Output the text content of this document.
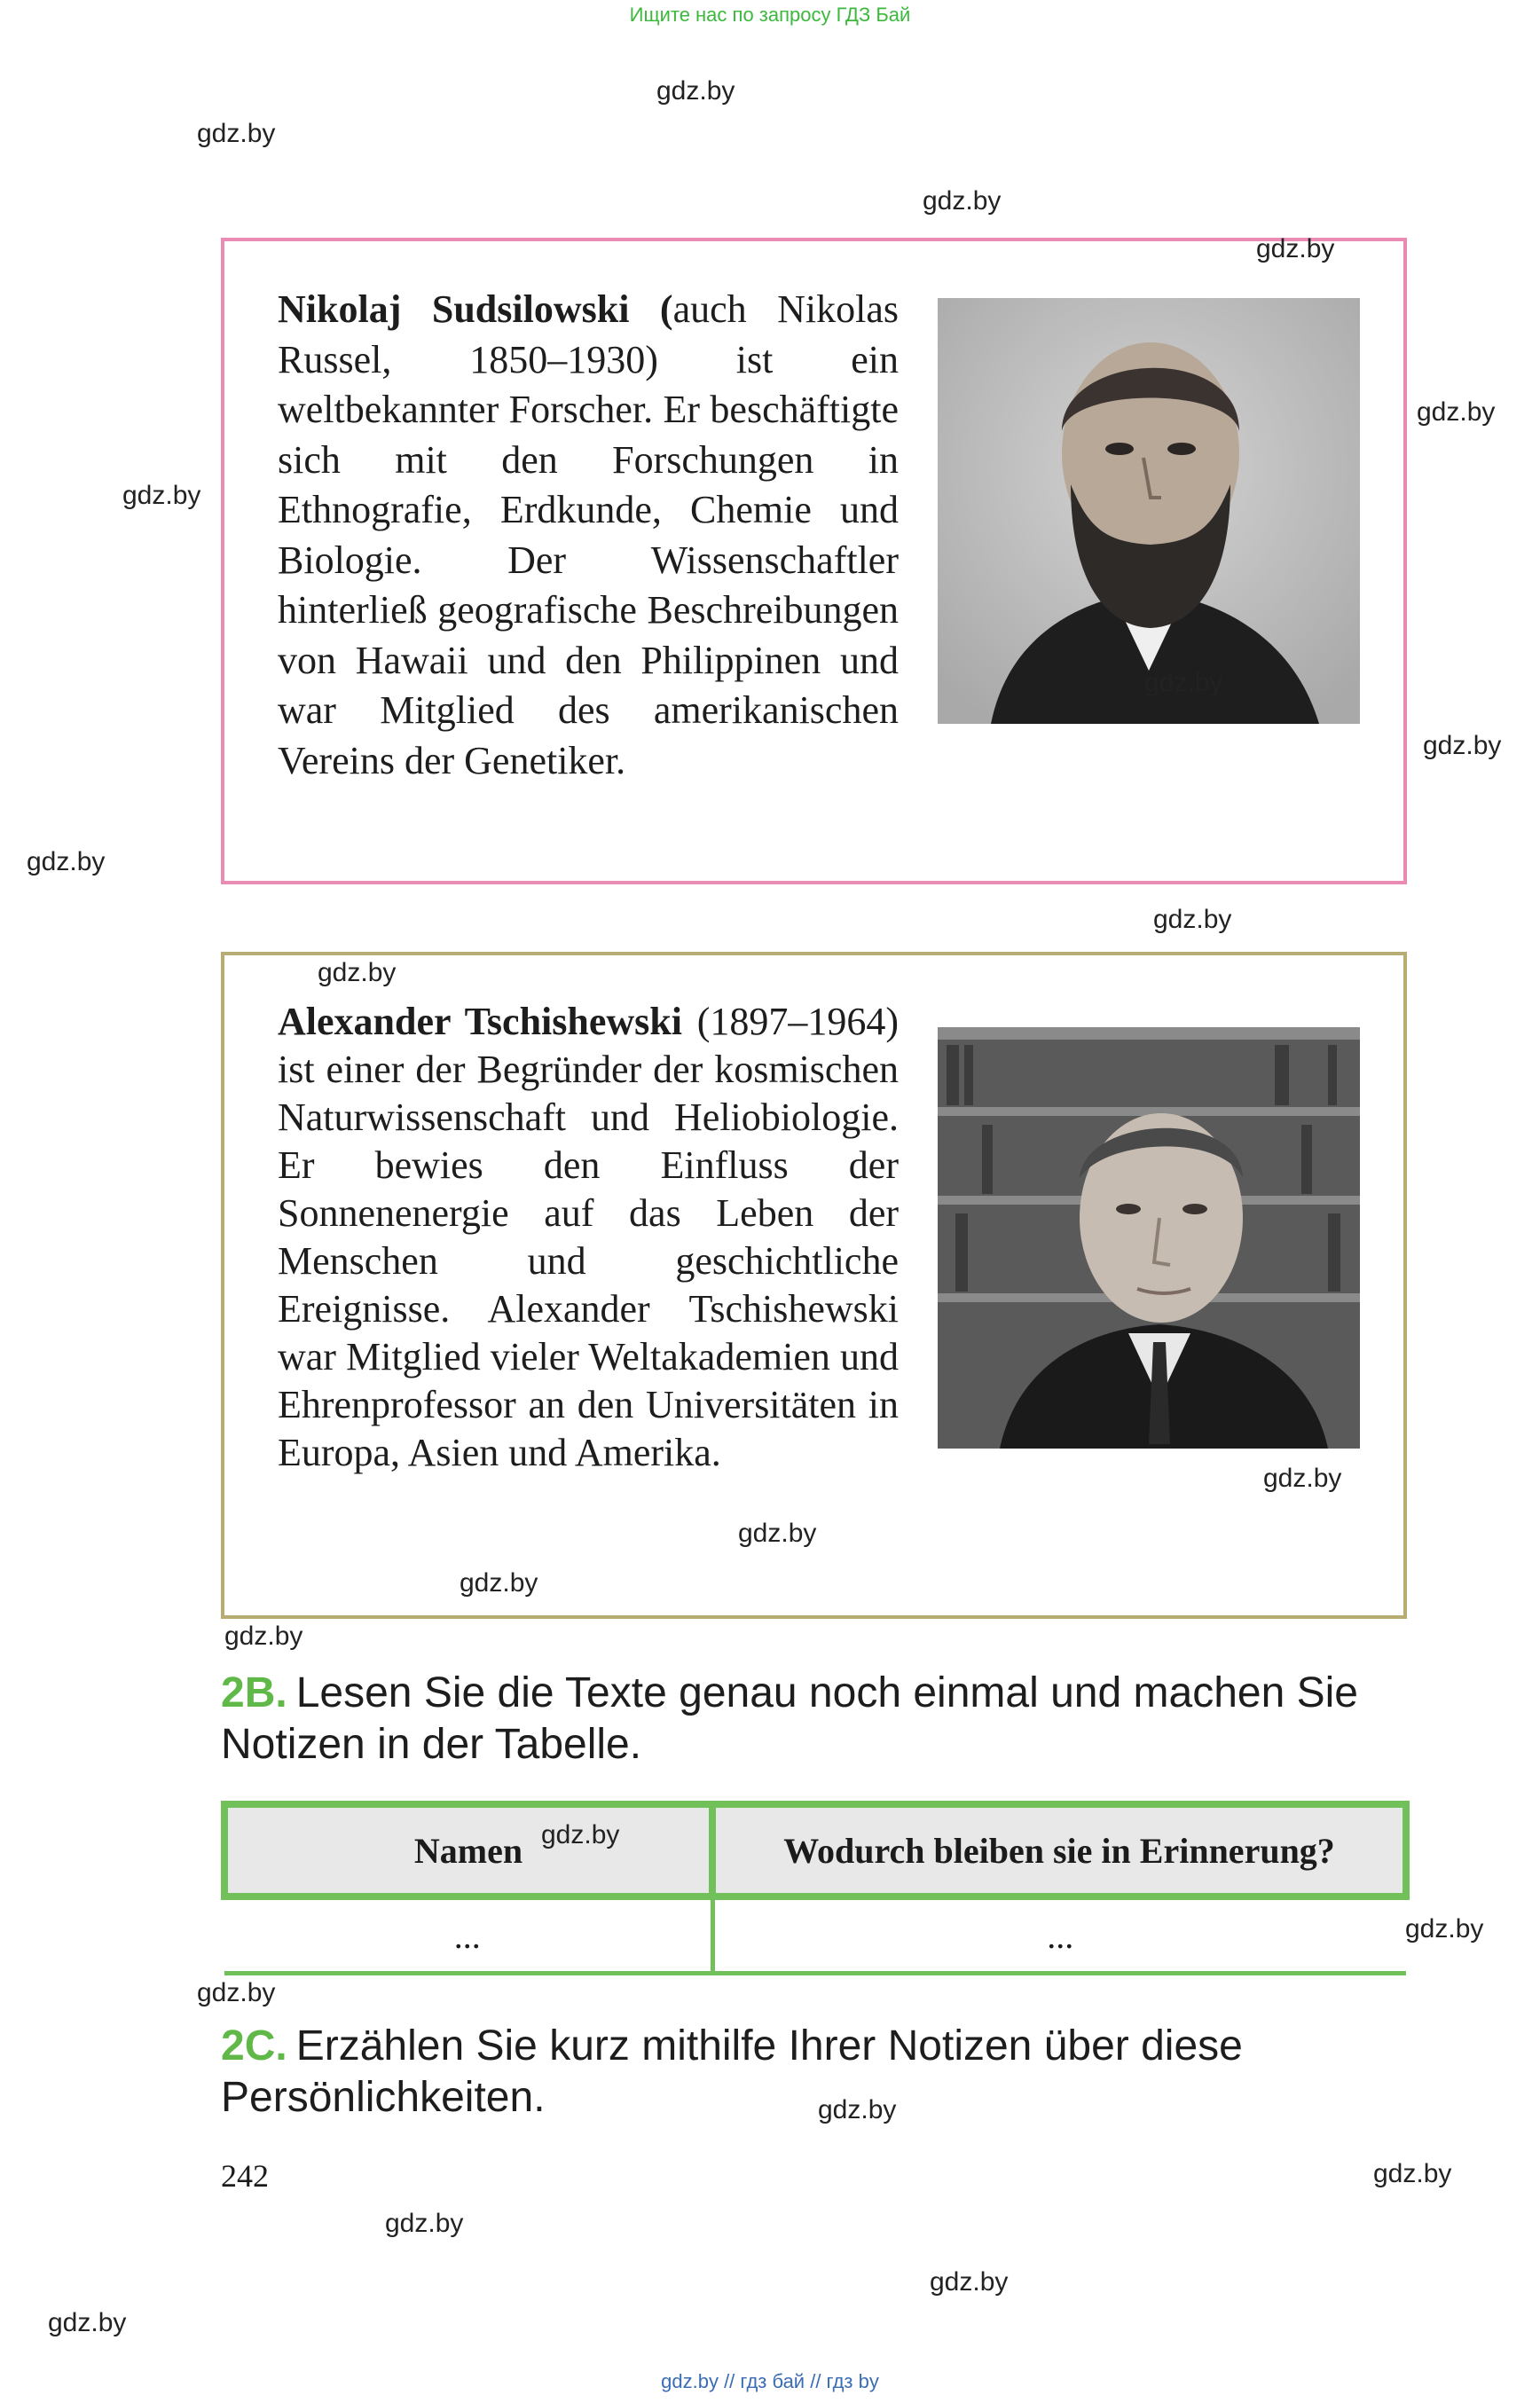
Ищите нас по запросу ГДЗ Бай
Nikolaj Sudsilowski (auch Nikolas Russel, 1850–1930) ist ein weltbekannter Forscher. Er beschäftigte sich mit den Forschungen in Ethnografie, Erdkunde, Chemie und Biologie. Der Wissenschaftler hinterließ geografische Beschreibungen von Hawaii und den Philippinen und war Mitglied des amerikanischen Vereins der Genetiker.
Alexander Tschishewski (1897–1964) ist einer der Begründer der kosmischen Naturwissenschaft und Heliobiologie. Er bewies den Einfluss der Sonnenenergie auf das Leben der Menschen und geschichtliche Ereignisse. Alexander Tschishewski war Mitglied vieler Weltakademien und Ehrenprofessor an den Universitäten in Europa, Asien und Amerika.
2B. Lesen Sie die Texte genau noch einmal und machen Sie Notizen in der Tabelle.
Namen	Wodurch bleiben sie in Erinnerung?
...	...
2C. Erzählen Sie kurz mithilfe Ihrer Notizen über diese Persönlichkeiten.
242
gdz.by
gdz.by
gdz.by
gdz.by
gdz.by
gdz.by
gdz.by
gdz.by
gdz.by
gdz.by
gdz.by
gdz.by
gdz.by
gdz.by
gdz.by
gdz.by
gdz.by
gdz.by
gdz.by
gdz.by
gdz.by
gdz.by
gdz.by
gdz.by // гдз бай // гдз by
